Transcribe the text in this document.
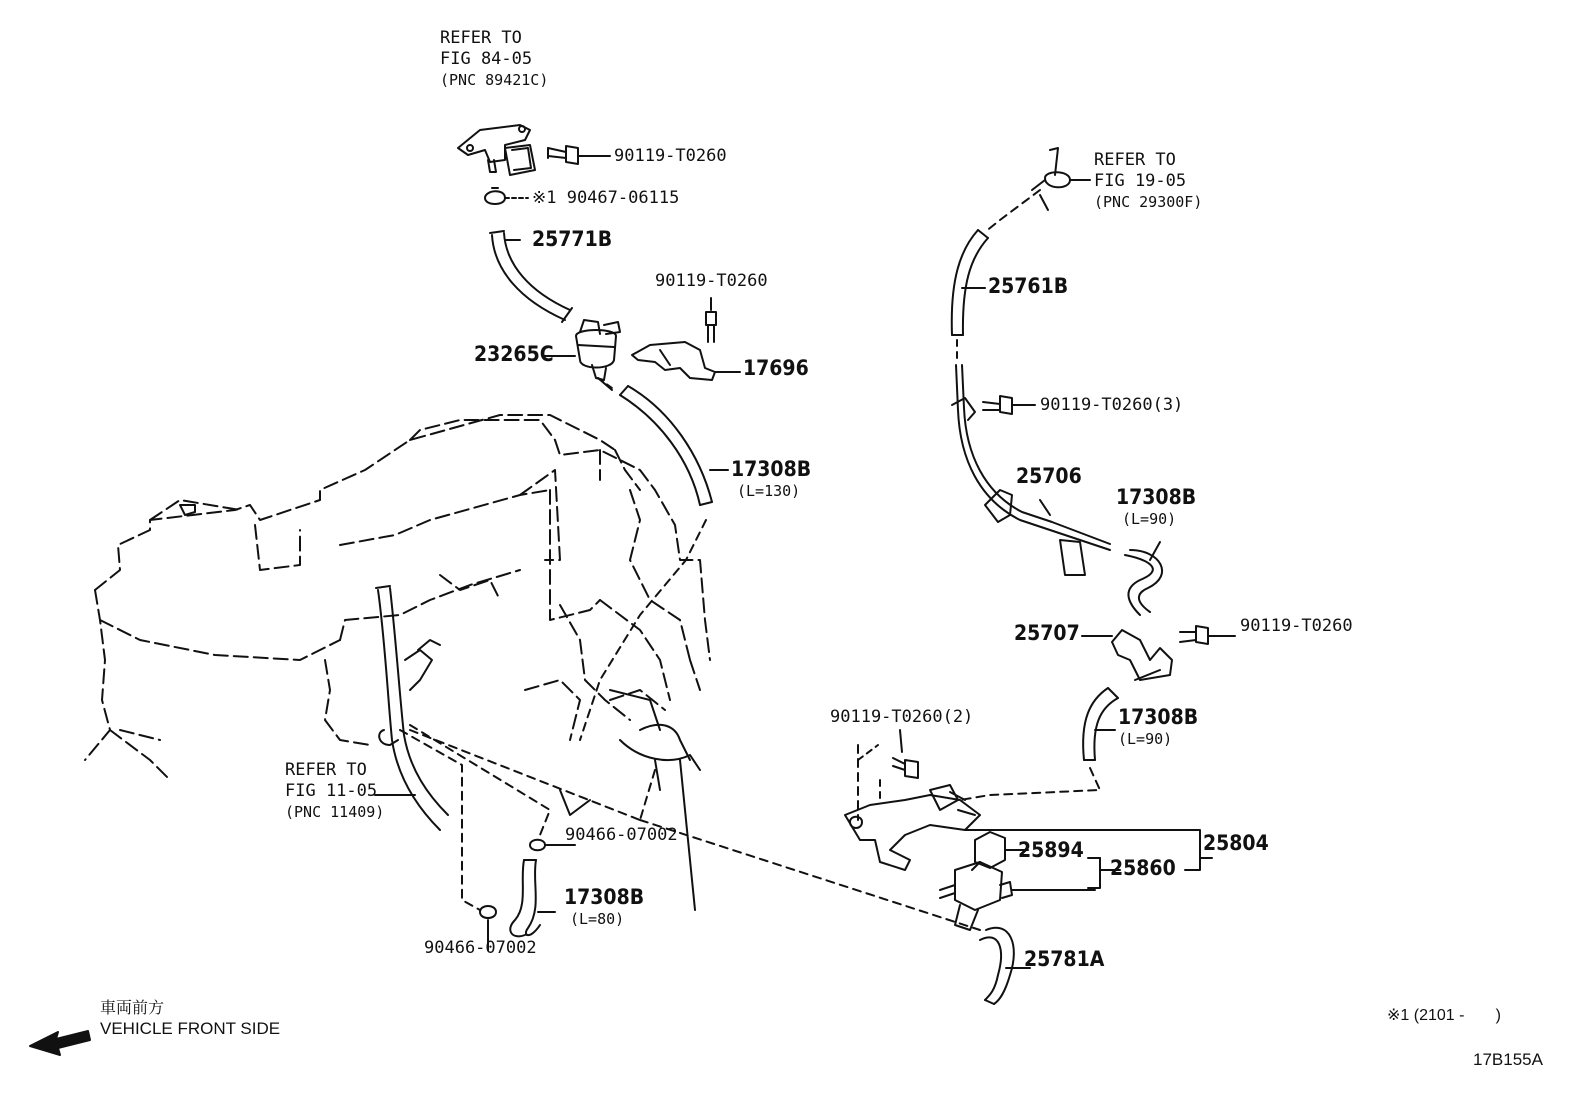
REFER TO
FIG 84-05
(PNC 89421C)
REFER TO
FIG 19-05
(PNC 29300F)
REFER TO
FIG 11-05
(PNC 11409)
90119-T0260
※1 90467-06115
25771B
90119-T0260
23265C
17696
17308B
(L=130)
25761B
90119-T0260(3)
25706
17308B
(L=90)
25707	90119-T0260
17308B
(L=90)
90119-T0260(2)
25804
25894
25860
25781A
90466-07002
17308B
(L=80)
90466-07002
車両前方
VEHICLE FRONT SIDE
※1 (2101 -       )
17B155A
